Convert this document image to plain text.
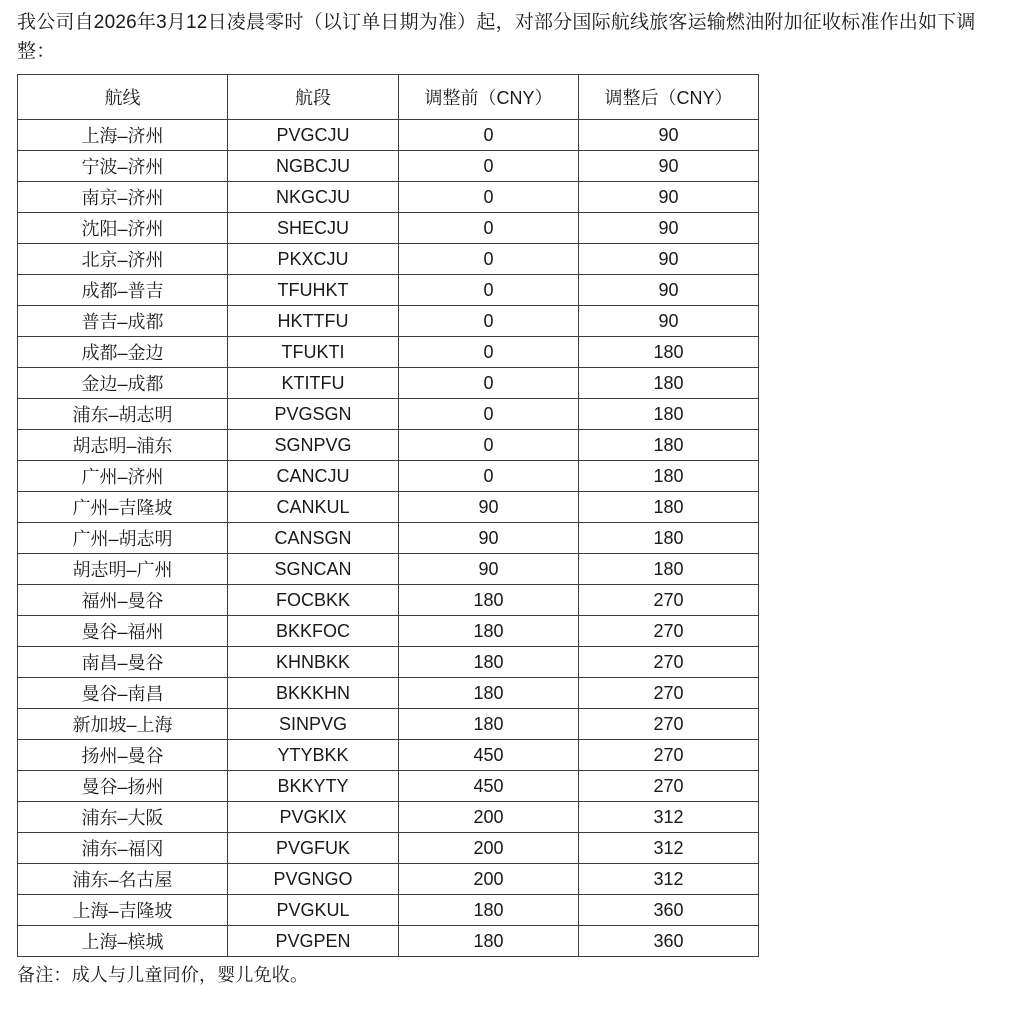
我公司自2026年3月12日凌晨零时（以订单日期为准）起，对部分国际航线旅客运输燃油附加征收标准作出如下调整：

航线	航段	调整前（CNY）	调整后（CNY）
上海–济州	PVGCJU	0	90
宁波–济州	NGBCJU	0	90
南京–济州	NKGCJU	0	90
沈阳–济州	SHECJU	0	90
北京–济州	PKXCJU	0	90
成都–普吉	TFUHKT	0	90
普吉–成都	HKTTFU	0	90
成都–金边	TFUKTI	0	180
金边–成都	KTITFU	0	180
浦东–胡志明	PVGSGN	0	180
胡志明–浦东	SGNPVG	0	180
广州–济州	CANCJU	0	180
广州–吉隆坡	CANKUL	90	180
广州–胡志明	CANSGN	90	180
胡志明–广州	SGNCAN	90	180
福州–曼谷	FOCBKK	180	270
曼谷–福州	BKKFOC	180	270
南昌–曼谷	KHNBKK	180	270
曼谷–南昌	BKKKHN	180	270
新加坡–上海	SINPVG	180	270
扬州–曼谷	YTYBKK	450	270
曼谷–扬州	BKKYTY	450	270
浦东–大阪	PVGKIX	200	312
浦东–福冈	PVGFUK	200	312
浦东–名古屋	PVGNGO	200	312
上海–吉隆坡	PVGKUL	180	360
上海–槟城	PVGPEN	180	360

备注：成人与儿童同价，婴儿免收。
